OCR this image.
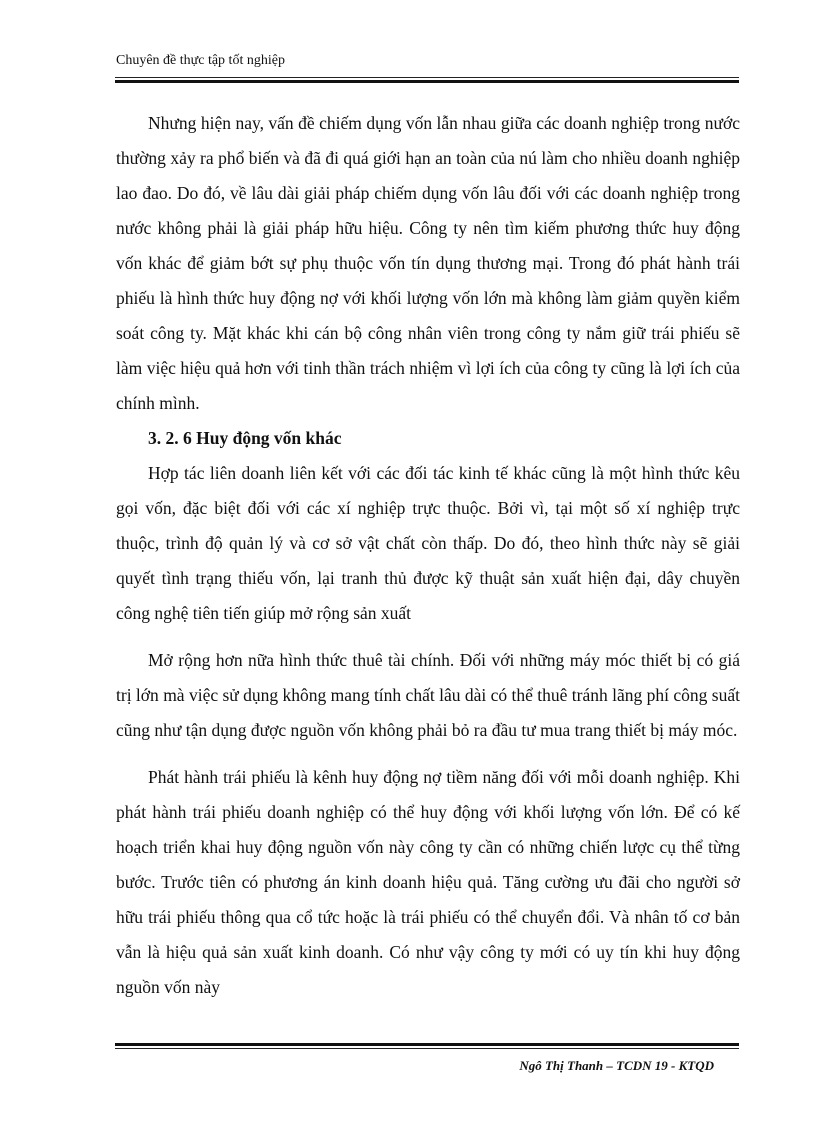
Chuyên đề thực tập tốt nghiệp

Nhưng hiện nay, vấn đề chiếm dụng vốn lẫn nhau giữa các doanh nghiệp trong nước thường xảy ra phổ biến và đã đi quá giới hạn an toàn của nú làm cho nhiều doanh nghiệp lao đao. Do đó, về lâu dài giải pháp chiếm dụng vốn lâu đối với các doanh nghiệp trong nước không phải là giải pháp hữu hiệu. Công ty nên tìm kiếm phương thức huy động vốn khác để giảm bớt sự phụ thuộc vốn tín dụng thương mại. Trong đó phát hành trái phiếu là hình thức huy động nợ với khối lượng vốn lớn mà không làm giảm quyền kiểm soát công ty. Mặt khác khi cán bộ công nhân viên trong công ty nắm giữ trái phiếu sẽ làm việc hiệu quả hơn với tinh thần trách nhiệm vì lợi ích của công ty cũng là lợi ích của chính mình.

3. 2. 6 Huy động vốn khác

Hợp tác liên doanh liên kết với các đối tác kinh tế khác cũng là một hình thức kêu gọi vốn, đặc biệt đối với các xí nghiệp trực thuộc. Bởi vì, tại một số xí nghiệp trực thuộc, trình độ quản lý và cơ sở vật chất còn thấp. Do đó, theo hình thức này sẽ giải quyết tình trạng thiếu vốn, lại tranh thủ được kỹ thuật sản xuất hiện đại, dây chuyền công nghệ tiên tiến giúp mở rộng sản xuất

Mở rộng hơn nữa hình thức thuê tài chính. Đối với những máy móc thiết bị có giá trị lớn mà việc sử dụng không mang tính chất lâu dài có thể thuê tránh lãng phí công suất cũng như tận dụng được nguồn vốn không phải bỏ ra đầu tư mua trang thiết bị máy móc.

Phát hành trái phiếu là kênh huy động nợ tiềm năng đối với mỗi doanh nghiệp. Khi phát hành trái phiếu doanh nghiệp có thể huy động với khối lượng vốn lớn. Để có kế hoạch triển khai huy động nguồn vốn này công ty cần có những chiến lược cụ thể từng bước. Trước tiên có phương án kinh doanh hiệu quả. Tăng cường ưu đãi cho người sở hữu trái phiếu thông qua cổ tức hoặc là trái phiếu có thể chuyển đổi. Và nhân tố cơ bản vẫn là hiệu quả sản xuất kinh doanh. Có như vậy công ty mới có uy tín khi huy động nguồn vốn này

Ngô Thị Thanh – TCDN 19 - KTQD
